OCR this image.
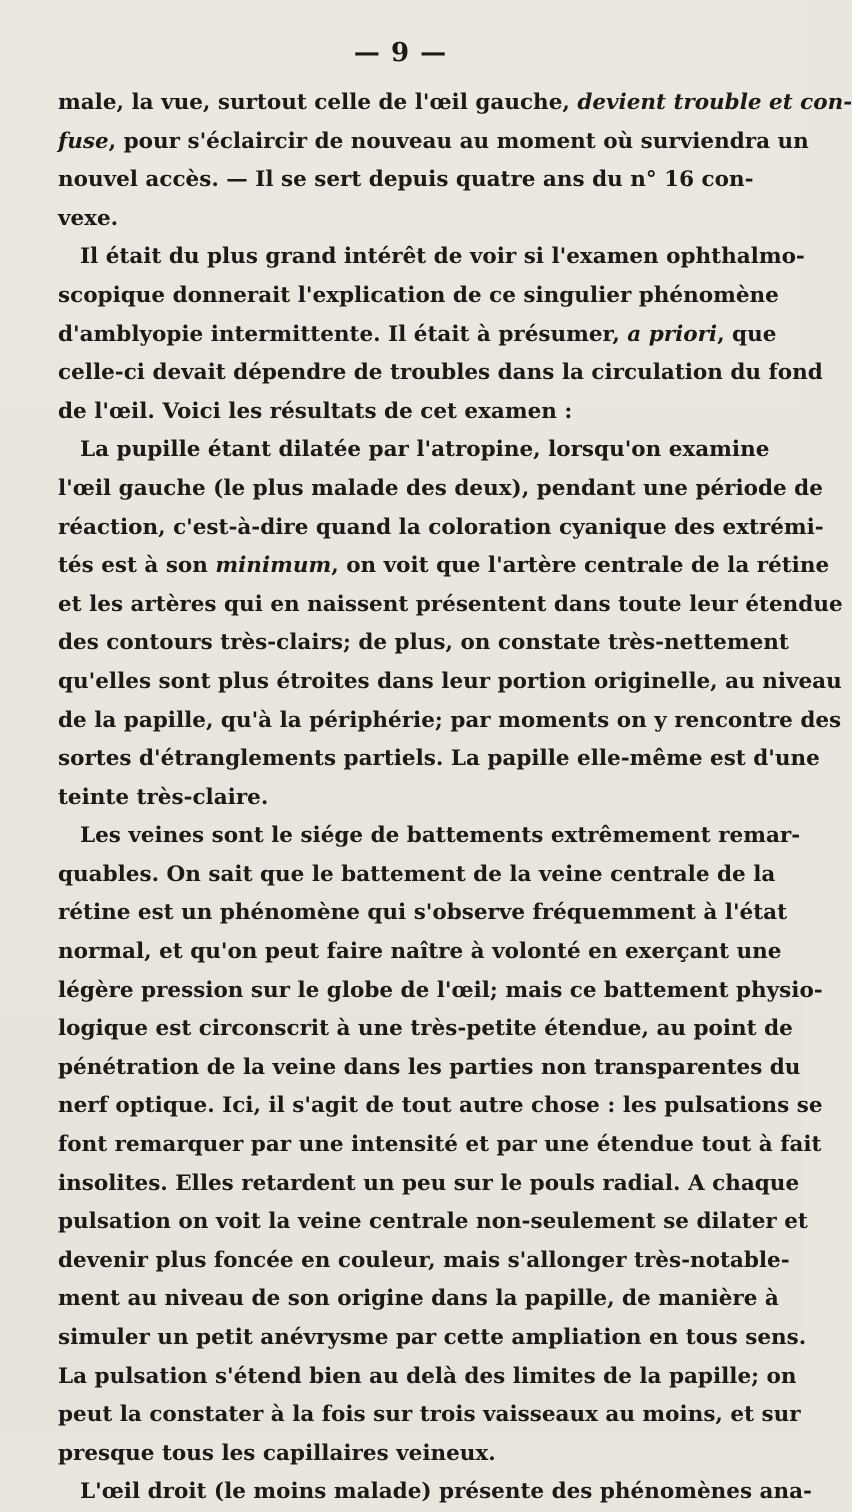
— 9 —
male, la vue, surtout celle de l'œil gauche, devient trouble et con-
fuse, pour s'éclaircir de nouveau au moment où surviendra un
nouvel accès. — Il se sert depuis quatre ans du n° 16 con-
vexe.
Il était du plus grand intérêt de voir si l'examen ophthalmo-
scopique donnerait l'explication de ce singulier phénomène
d'amblyopie intermittente. Il était à présumer, a priori, que
celle-ci devait dépendre de troubles dans la circulation du fond
de l'œil. Voici les résultats de cet examen :
La pupille étant dilatée par l'atropine, lorsqu'on examine
l'œil gauche (le plus malade des deux), pendant une période de
réaction, c'est-à-dire quand la coloration cyanique des extrémi-
tés est à son minimum, on voit que l'artère centrale de la rétine
et les artères qui en naissent présentent dans toute leur étendue
des contours très-clairs; de plus, on constate très-nettement
qu'elles sont plus étroites dans leur portion originelle, au niveau
de la papille, qu'à la périphérie; par moments on y rencontre des
sortes d'étranglements partiels. La papille elle-même est d'une
teinte très-claire.
Les veines sont le siége de battements extrêmement remar-
quables. On sait que le battement de la veine centrale de la
rétine est un phénomène qui s'observe fréquemment à l'état
normal, et qu'on peut faire naître à volonté en exerçant une
légère pression sur le globe de l'œil; mais ce battement physio-
logique est circonscrit à une très-petite étendue, au point de
pénétration de la veine dans les parties non transparentes du
nerf optique. Ici, il s'agit de tout autre chose : les pulsations se
font remarquer par une intensité et par une étendue tout à fait
insolites. Elles retardent un peu sur le pouls radial. A chaque
pulsation on voit la veine centrale non-seulement se dilater et
devenir plus foncée en couleur, mais s'allonger très-notable-
ment au niveau de son origine dans la papille, de manière à
simuler un petit anévrysme par cette ampliation en tous sens.
La pulsation s'étend bien au delà des limites de la papille; on
peut la constater à la fois sur trois vaisseaux au moins, et sur
presque tous les capillaires veineux.
L'œil droit (le moins malade) présente des phénomènes ana-
